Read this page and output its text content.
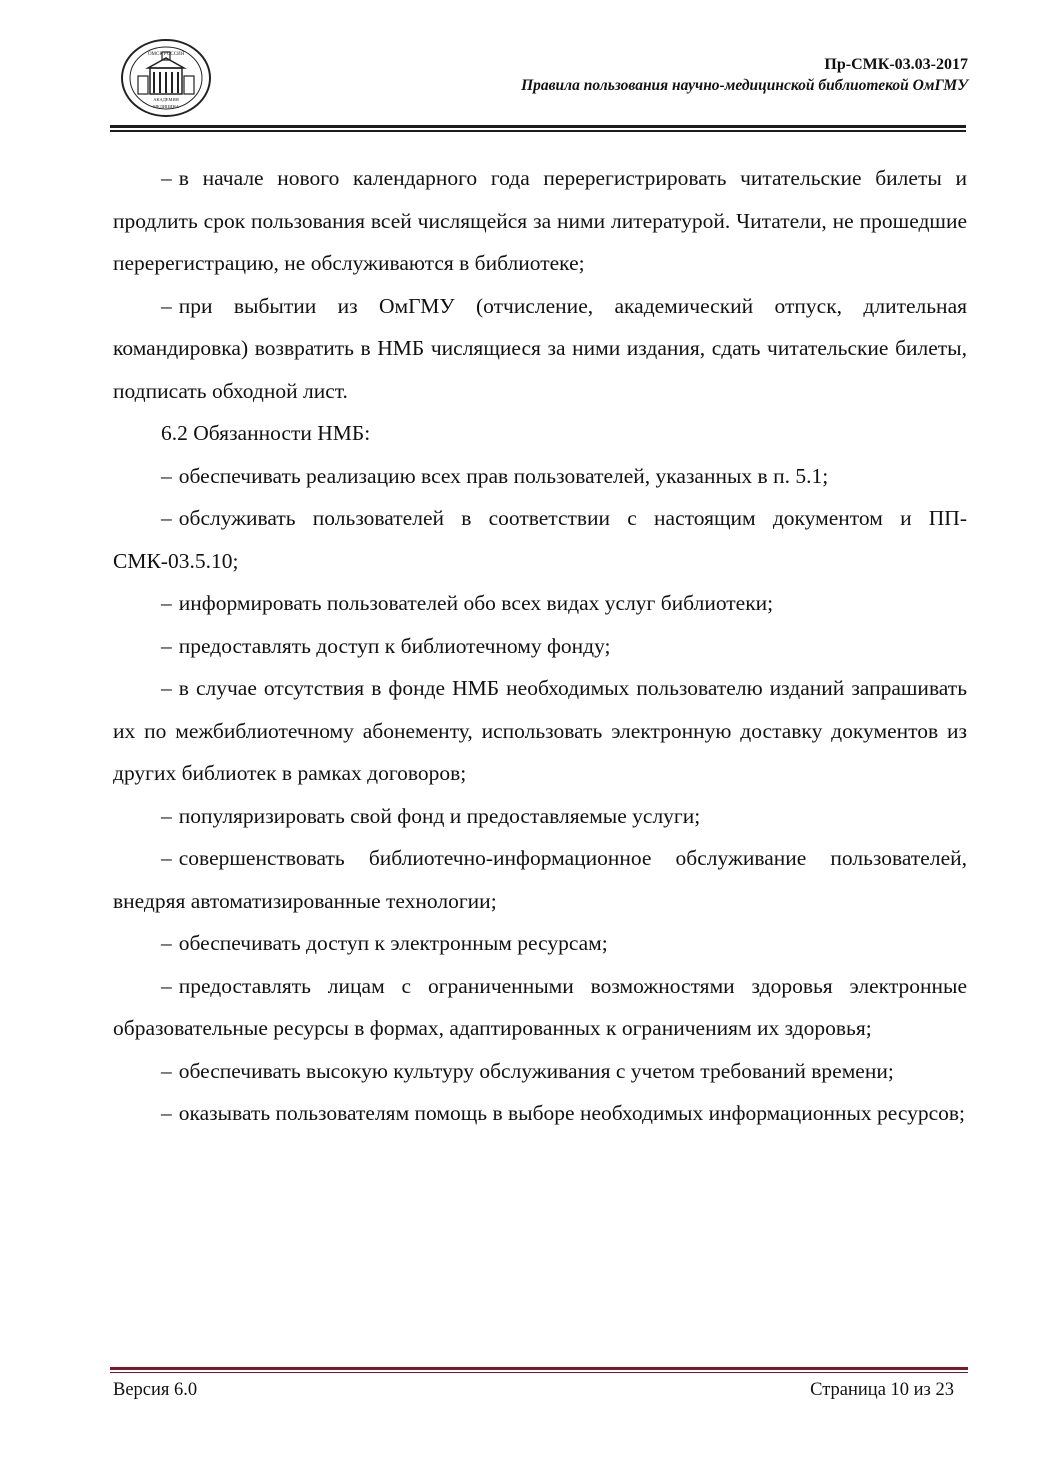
ОМСК РОССИЯ
АКАДЕМИЯ
МЕДИЦИНА
Пр-СМК-03.03-2017
Правила пользования научно-медицинской библиотекой ОмГМУ

– в начале нового календарного года перерегистрировать читательские билеты и продлить срок пользования всей числящейся за ними литературой. Читатели, не прошедшие перерегистрацию, не обслуживаются в библиотеке;

– при выбытии из ОмГМУ (отчисление, академический отпуск, длительная командировка) возвратить в НМБ числящиеся за ними издания, сдать читательские билеты, подписать обходной лист.

6.2 Обязанности НМБ:

– обеспечивать реализацию всех прав пользователей, указанных в п. 5.1;

– обслуживать пользователей в соответствии с настоящим документом и ПП-СМК-03.5.10;

– информировать пользователей обо всех видах услуг библиотеки;

– предоставлять доступ к библиотечному фонду;

– в случае отсутствия в фонде НМБ необходимых пользователю изданий запрашивать их по межбиблиотечному абонементу, использовать электронную доставку документов из других библиотек в рамках договоров;

– популяризировать свой фонд и предоставляемые услуги;

– совершенствовать библиотечно-информационное обслуживание пользователей, внедряя автоматизированные технологии;

– обеспечивать доступ к электронным ресурсам;

– предоставлять лицам с ограниченными возможностями здоровья электронные образовательные ресурсы в формах, адаптированных к ограничениям их здоровья;

– обеспечивать высокую культуру обслуживания с учетом требований времени;

– оказывать пользователям помощь в выборе необходимых информационных ресурсов;

Версия 6.0	Страница 10 из 23
